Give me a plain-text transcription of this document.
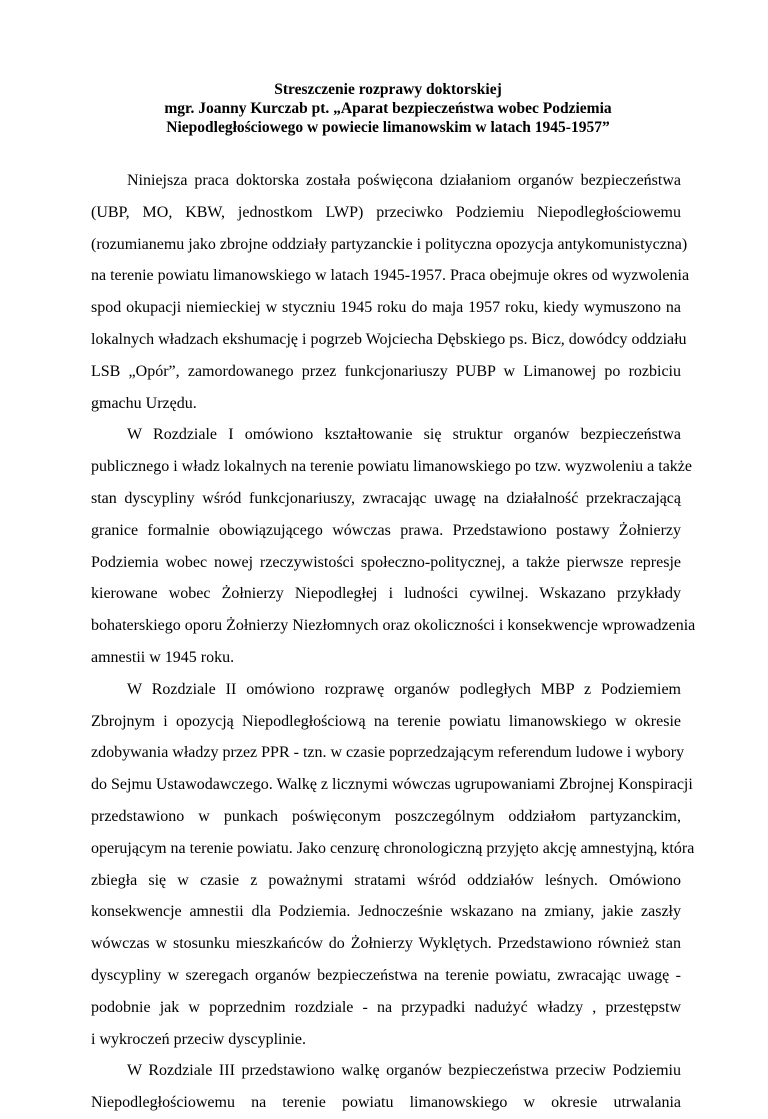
Streszczenie rozprawy doktorskiej
mgr. Joanny Kurczab pt. „Aparat bezpieczeństwa wobec Podziemia
Niepodległościowego w powiecie limanowskim w latach 1945-1957”

Niniejsza praca doktorska została poświęcona działaniom organów bezpieczeństwa
(UBP, MO, KBW, jednostkom LWP) przeciwko Podziemiu Niepodległościowemu
(rozumianemu jako zbrojne oddziały partyzanckie i polityczna opozycja antykomunistyczna)
na terenie powiatu limanowskiego w latach 1945-1957. Praca obejmuje okres od wyzwolenia
spod okupacji niemieckiej w styczniu 1945 roku do maja 1957 roku, kiedy wymuszono na
lokalnych władzach ekshumację i pogrzeb Wojciecha Dębskiego ps. Bicz, dowódcy oddziału
LSB „Opór”, zamordowanego przez funkcjonariuszy PUBP w Limanowej po rozbiciu
gmachu Urzędu.

W Rozdziale I omówiono kształtowanie się struktur organów bezpieczeństwa
publicznego i władz lokalnych na terenie powiatu limanowskiego po tzw. wyzwoleniu a także
stan dyscypliny wśród funkcjonariuszy, zwracając uwagę na działalność przekraczającą
granice formalnie obowiązującego wówczas prawa. Przedstawiono postawy Żołnierzy
Podziemia wobec nowej rzeczywistości społeczno-politycznej, a także pierwsze represje
kierowane wobec Żołnierzy Niepodległej i ludności cywilnej. Wskazano przykłady
bohaterskiego oporu Żołnierzy Niezłomnych oraz okoliczności i konsekwencje wprowadzenia
amnestii w 1945 roku.

W Rozdziale II omówiono rozprawę organów podległych MBP z Podziemiem
Zbrojnym i opozycją Niepodległościową na terenie powiatu limanowskiego w okresie
zdobywania władzy przez PPR - tzn. w czasie poprzedzającym referendum ludowe i wybory
do Sejmu Ustawodawczego. Walkę z licznymi wówczas ugrupowaniami Zbrojnej Konspiracji
przedstawiono w punkach poświęconym poszczególnym oddziałom partyzanckim,
operującym na terenie powiatu. Jako cenzurę chronologiczną przyjęto akcję amnestyjną, która
zbiegła się w czasie z poważnymi stratami wśród oddziałów leśnych. Omówiono
konsekwencje amnestii dla Podziemia. Jednocześnie wskazano na zmiany, jakie zaszły
wówczas w stosunku mieszkańców do Żołnierzy Wyklętych. Przedstawiono również stan
dyscypliny w szeregach organów bezpieczeństwa na terenie powiatu, zwracając uwagę -
podobnie jak w poprzednim rozdziale - na przypadki nadużyć władzy , przestępstw
i wykroczeń przeciw dyscyplinie.

W Rozdziale III przedstawiono walkę organów bezpieczeństwa przeciw Podziemiu
Niepodległościowemu na terenie powiatu limanowskiego w okresie utrwalania
